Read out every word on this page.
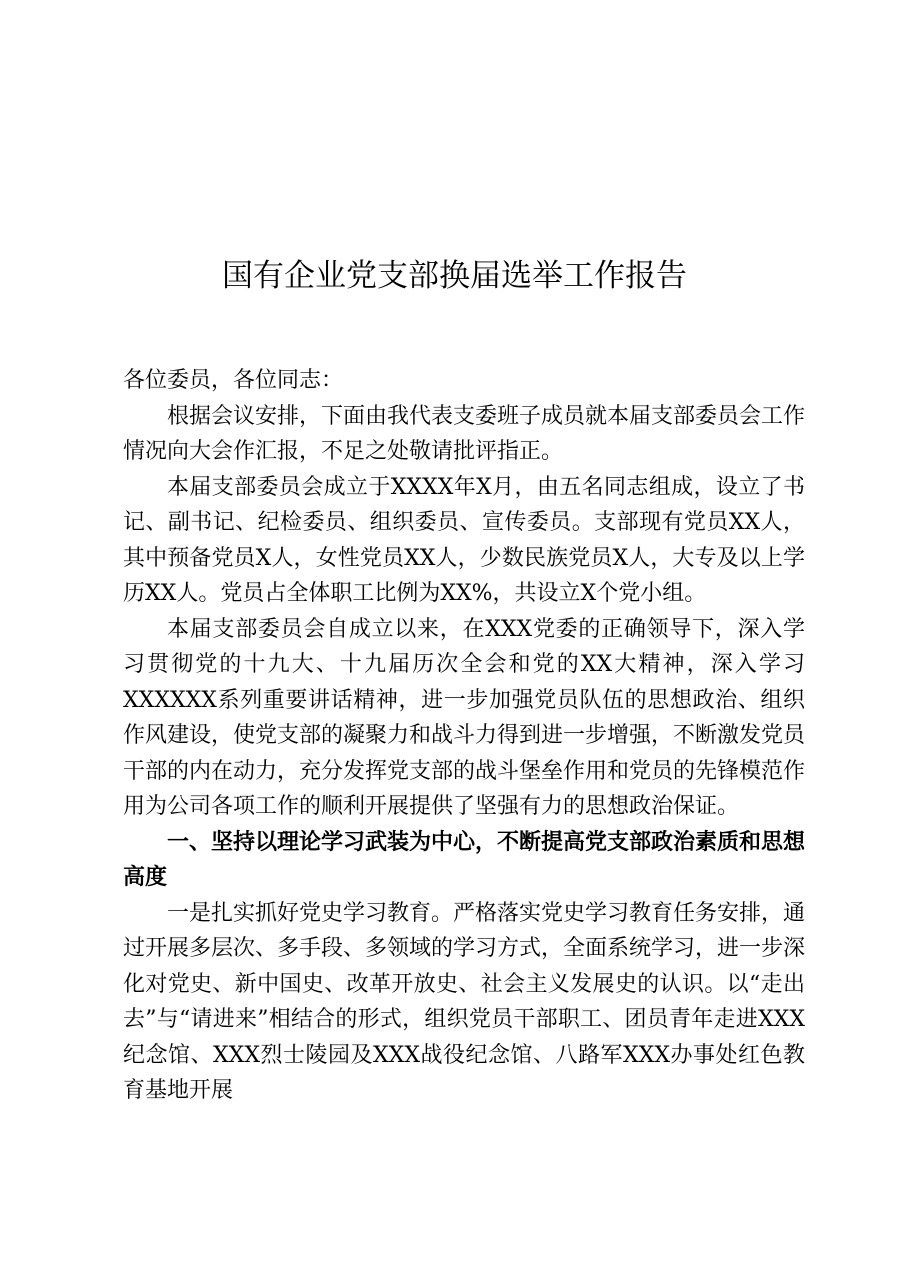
国有企业党支部换届选举工作报告

各位委员，各位同志：

根据会议安排，下面由我代表支委班子成员就本届支部委员会工作情况向大会作汇报，不足之处敬请批评指正。

本届支部委员会成立于XXXX年X月，由五名同志组成，设立了书记、副书记、纪检委员、组织委员、宣传委员。支部现有党员XX人，其中预备党员X人，女性党员XX人，少数民族党员X人，大专及以上学历XX人。党员占全体职工比例为XX%，共设立X个党小组。

本届支部委员会自成立以来，在XXX党委的正确领导下，深入学习贯彻党的十九大、十九届历次全会和党的XX大精神，深入学习XXXXXX系列重要讲话精神，进一步加强党员队伍的思想政治、组织作风建设，使党支部的凝聚力和战斗力得到进一步增强，不断激发党员干部的内在动力，充分发挥党支部的战斗堡垒作用和党员的先锋模范作用为公司各项工作的顺利开展提供了坚强有力的思想政治保证。

一、坚持以理论学习武装为中心，不断提高党支部政治素质和思想高度

一是扎实抓好党史学习教育。严格落实党史学习教育任务安排，通过开展多层次、多手段、多领域的学习方式，全面系统学习，进一步深化对党史、新中国史、改革开放史、社会主义发展史的认识。以“走出去”与“请进来”相结合的形式，组织党员干部职工、团员青年走进XXX纪念馆、XXX烈士陵园及XXX战役纪念馆、八路军XXX办事处红色教育基地开展
